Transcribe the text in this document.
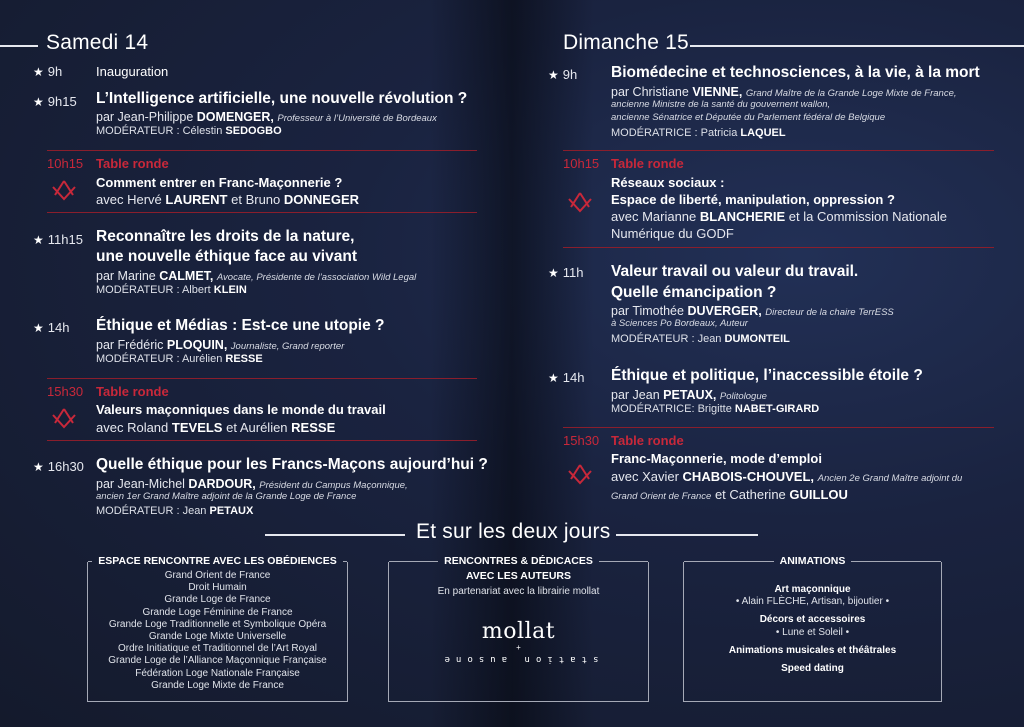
Samedi 14
★ 9h	Inauguration
★ 9h15 L’Intelligence artificielle, une nouvelle révolution ?
par Jean-Philippe DOMENGER, Professeur à l’Université de Bordeaux
MODÉRATEUR : Célestin SEDOGBO
10h15 Table ronde
Comment entrer en Franc-Maçonnerie ?
avec Hervé LAURENT et Bruno DONNEGER
★ 11h15 Reconnaître les droits de la nature,
une nouvelle éthique face au vivant
par Marine CALMET, Avocate, Présidente de l’association Wild Legal
MODÉRATEUR : Albert KLEIN
★ 14h Éthique et Médias : Est-ce une utopie ?
par Frédéric PLOQUIN, Journaliste, Grand reporter
MODÉRATEUR : Aurélien RESSE
15h30 Table ronde
Valeurs maçonniques dans le monde du travail
avec Roland TEVELS et Aurélien RESSE
★ 16h30 Quelle éthique pour les Francs-Maçons aujourd’hui ?
par Jean-Michel DARDOUR, Président du Campus Maçonnique,
ancien 1er Grand Maître adjoint de la Grande Loge de France
MODÉRATEUR : Jean PETAUX
Dimanche 15
★ 9h Biomédecine et technosciences, à la vie, à la mort
par Christiane VIENNE, Grand Maître de la Grande Loge Mixte de France,
ancienne Ministre de la santé du gouvernent wallon,
ancienne Sénatrice et Députée du Parlement fédéral de Belgique
MODÉRATRICE : Patricia LAQUEL
10h15 Table ronde
Réseaux sociaux :
Espace de liberté, manipulation, oppression ?
avec Marianne BLANCHERIE et la Commission Nationale
Numérique du GODF
★ 11h Valeur travail ou valeur du travail.
Quelle émancipation ?
par Timothée DUVERGER, Directeur de la chaire TerrESS
à Sciences Po Bordeaux, Auteur
MODÉRATEUR : Jean DUMONTEIL
★ 14h Éthique et politique, l’inaccessible étoile ?
par Jean PETAUX, Politologue
MODÉRATRICE: Brigitte NABET-GIRARD
15h30 Table ronde
Franc-Maçonnerie, mode d’emploi
avec Xavier CHABOIS-CHOUVEL, Ancien 2e Grand Maître adjoint du
Grand Orient de France et Catherine GUILLOU
Et sur les deux jours
ESPACE RENCONTRE AVEC LES OBÉDIENCES
Grand Orient de France
Droit Humain
Grande Loge de France
Grande Loge Féminine de France
Grande Loge Traditionnelle et Symbolique Opéra
Grande Loge Mixte Universelle
Ordre Initiatique et Traditionnel de l’Art Royal
Grande Loge de l’Alliance Maçonnique Française
Fédération Loge Nationale Française
Grande Loge Mixte de France
RENCONTRES & DÉDICACES
AVEC LES AUTEURS
En partenariat avec la librairie mollat
mollat
+
station ausone
ANIMATIONS
Art maçonnique
• Alain FLÈCHE, Artisan, bijoutier •
Décors et accessoires
• Lune et Soleil •
Animations musicales et théâtrales
Speed dating
